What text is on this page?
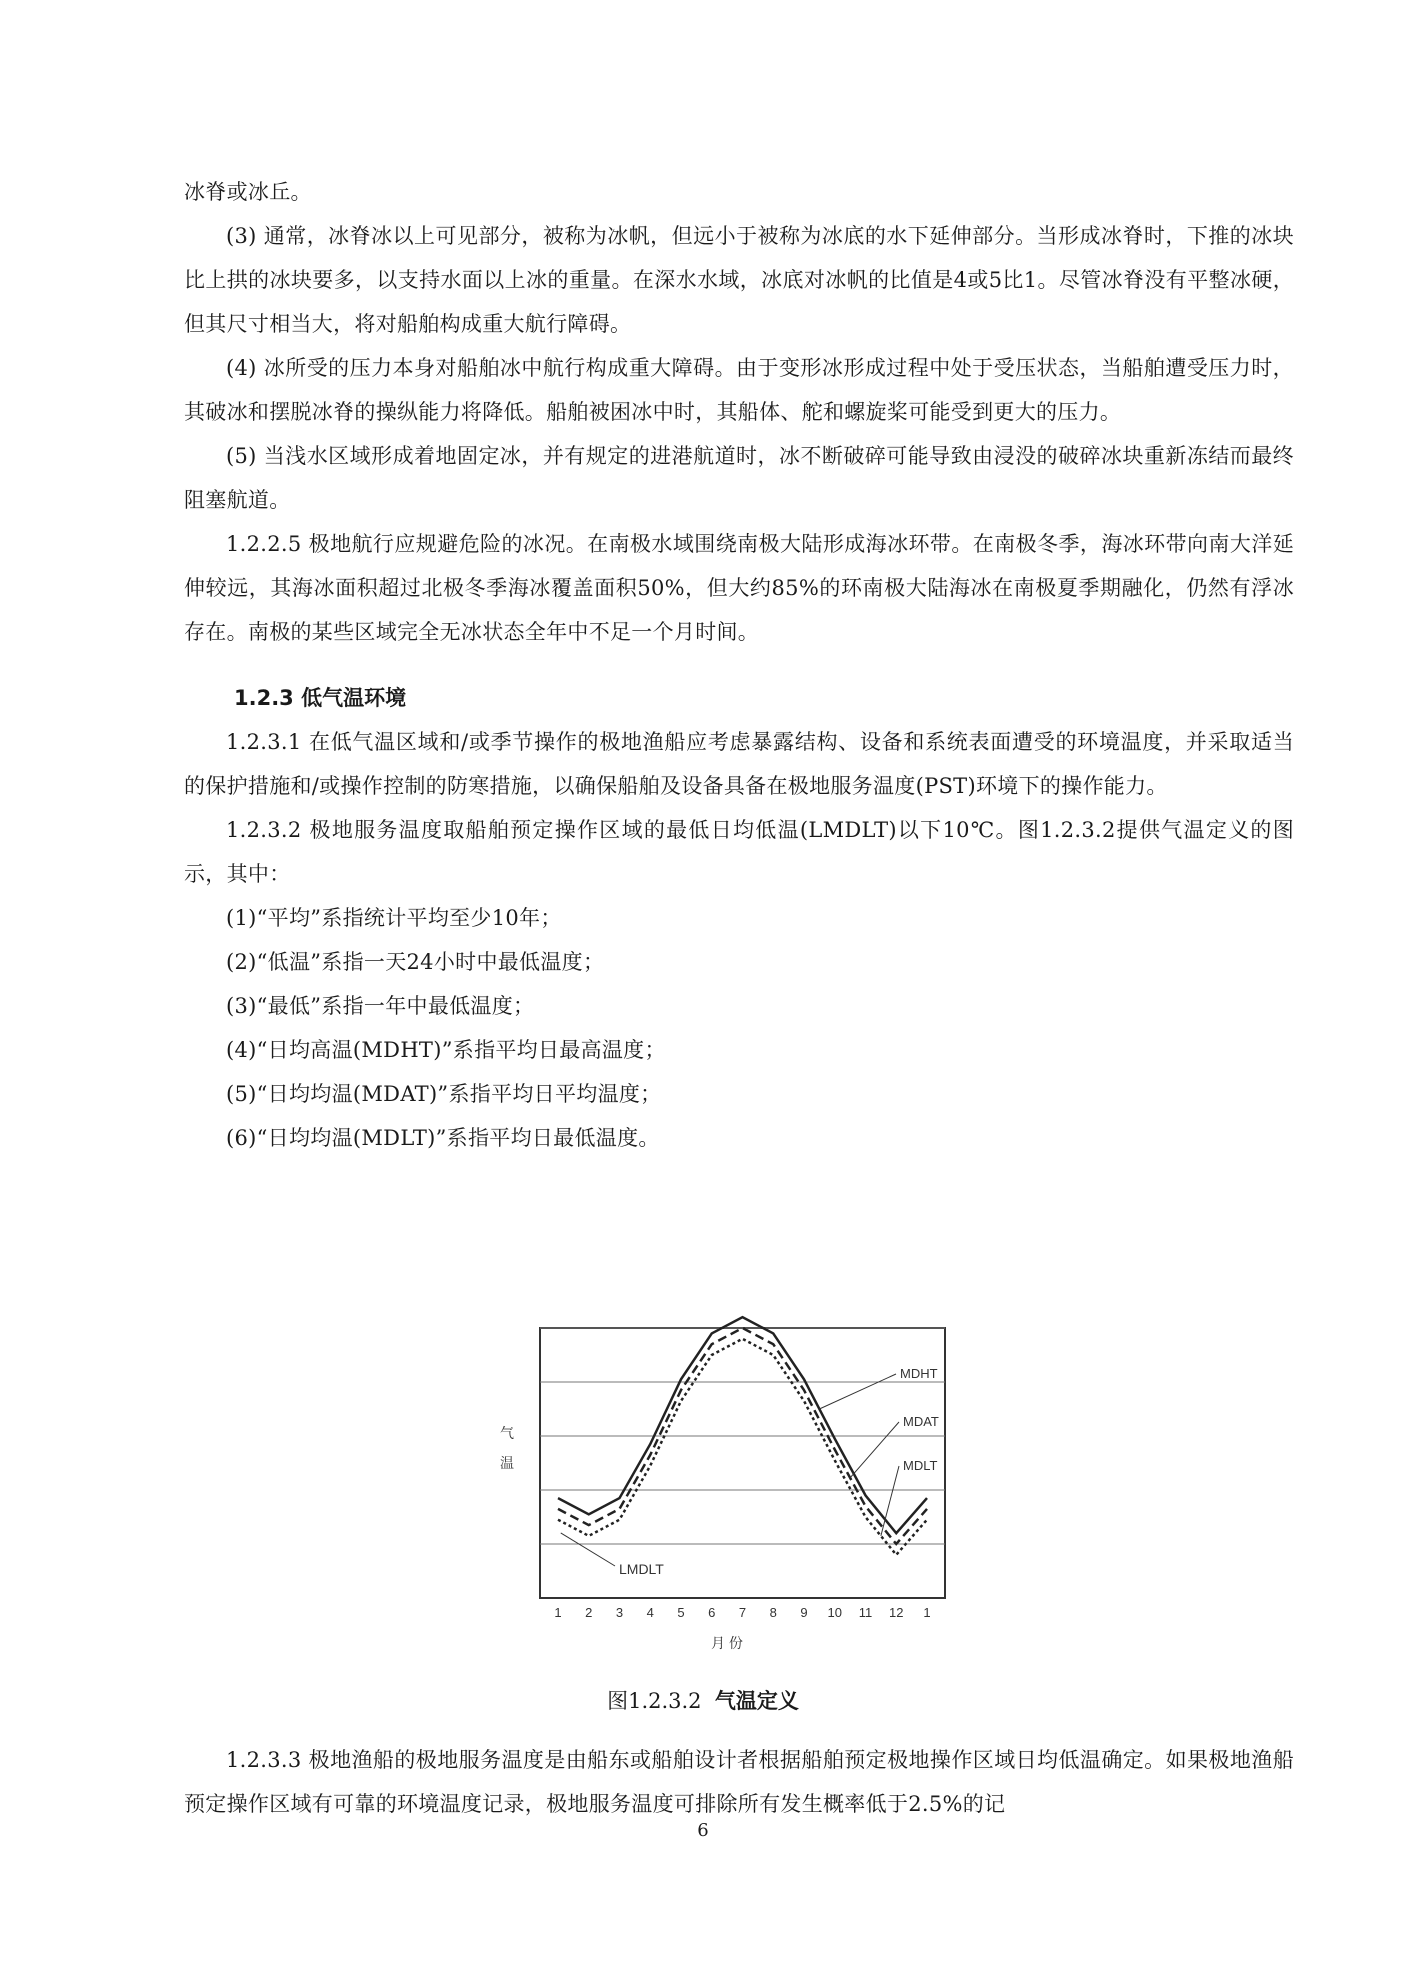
冰脊或冰丘。

(3) 通常，冰脊冰以上可见部分，被称为冰帆，但远小于被称为冰底的水下延伸部分。当形成冰脊时，下推的冰块比上拱的冰块要多，以支持水面以上冰的重量。在深水水域，冰底对冰帆的比值是4或5比1。尽管冰脊没有平整冰硬，但其尺寸相当大，将对船舶构成重大航行障碍。

(4) 冰所受的压力本身对船舶冰中航行构成重大障碍。由于变形冰形成过程中处于受压状态，当船舶遭受压力时，其破冰和摆脱冰脊的操纵能力将降低。船舶被困冰中时，其船体、舵和螺旋桨可能受到更大的压力。

(5) 当浅水区域形成着地固定冰，并有规定的进港航道时，冰不断破碎可能导致由浸没的破碎冰块重新冻结而最终阻塞航道。

1.2.2.5 极地航行应规避危险的冰况。在南极水域围绕南极大陆形成海冰环带。在南极冬季，海冰环带向南大洋延伸较远，其海冰面积超过北极冬季海冰覆盖面积50%，但大约85%的环南极大陆海冰在南极夏季期融化，仍然有浮冰存在。南极的某些区域完全无冰状态全年中不足一个月时间。

1.2.3 低气温环境

1.2.3.1 在低气温区域和/或季节操作的极地渔船应考虑暴露结构、设备和系统表面遭受的环境温度，并采取适当的保护措施和/或操作控制的防寒措施，以确保船舶及设备具备在极地服务温度(PST)环境下的操作能力。

1.2.3.2 极地服务温度取船舶预定操作区域的最低日均低温(LMDLT)以下10℃。图1.2.3.2提供气温定义的图示，其中：

(1)“平均”系指统计平均至少10年；

(2)“低温”系指一天24小时中最低温度；

(3)“最低”系指一年中最低温度；

(4)“日均高温(MDHT)”系指平均日最高温度；

(5)“日均均温(MDAT)”系指平均日平均温度；

(6)“日均均温(MDLT)”系指平均日最低温度。

1 2 3 4 5 6 7 8 9 10 11 12 1
MDHT
MDAT
MDLT
LMDLT
气
温
月 份
图1.2.3.2 气温定义

1.2.3.3 极地渔船的极地服务温度是由船东或船舶设计者根据船舶预定极地操作区域日均低温确定。如果极地渔船预定操作区域有可靠的环境温度记录，极地服务温度可排除所有发生概率低于2.5%的记

6
